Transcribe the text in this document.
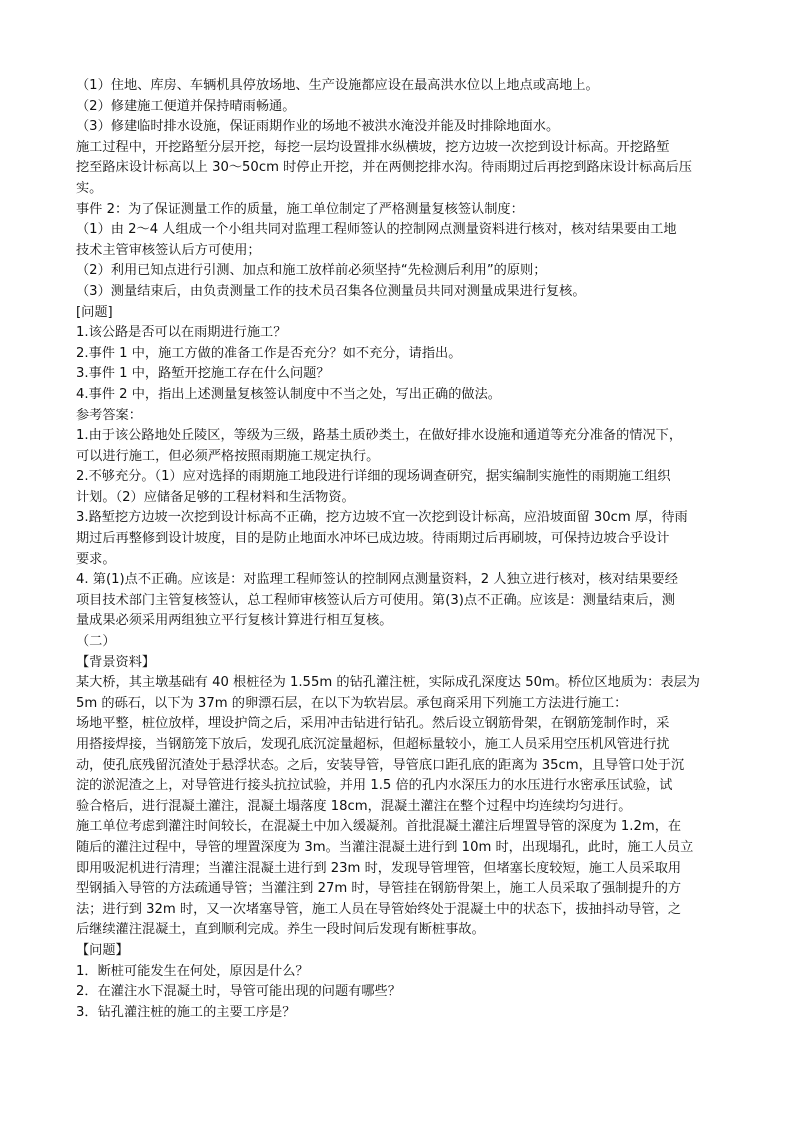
（1）住地、库房、车辆机具停放场地、生产设施都应设在最高洪水位以上地点或高地上。
（2）修建施工便道并保持晴雨畅通。
（3）修建临时排水设施，保证雨期作业的场地不被洪水淹没并能及时排除地面水。
施工过程中，开挖路堑分层开挖，每挖一层均设置排水纵横坡，挖方边坡一次挖到设计标高。开挖路堑
挖至路床设计标高以上 30～50cm 时停止开挖，并在两侧挖排水沟。待雨期过后再挖到路床设计标高后压
实。
事件 2：为了保证测量工作的质量，施工单位制定了严格测量复核签认制度：
（1）由 2～4 人组成一个小组共同对监理工程师签认的控制网点测量资料进行核对，核对结果要由工地
技术主管审核签认后方可使用；
（2）利用已知点进行引测、加点和施工放样前必须坚持“先检测后利用”的原则；
（3）测量结束后，由负责测量工作的技术员召集各位测量员共同对测量成果进行复核。
[问题]
1.该公路是否可以在雨期进行施工？
2.事件 1 中，施工方做的准备工作是否充分？如不充分，请指出。
3.事件 1 中，路堑开挖施工存在什么问题？
4.事件 2 中，指出上述测量复核签认制度中不当之处，写出正确的做法。
参考答案：
1.由于该公路地处丘陵区，等级为三级，路基土质砂类土，在做好排水设施和通道等充分准备的情况下，
可以进行施工，但必须严格按照雨期施工规定执行。
2.不够充分。（1）应对选择的雨期施工地段进行详细的现场调查研究，据实编制实施性的雨期施工组织
计划。（2）应储备足够的工程材料和生活物资。
3.路堑挖方边坡一次挖到设计标高不正确，挖方边坡不宜一次挖到设计标高，应沿坡面留 30cm 厚，待雨
期过后再整修到设计坡度，目的是防止地面水冲坏已成边坡。待雨期过后再刷坡，可保持边坡合乎设计
要求。
4. 第(1)点不正确。应该是：对监理工程师签认的控制网点测量资料，2 人独立进行核对，核对结果要经
项目技术部门主管复核签认，总工程师审核签认后方可使用。第(3)点不正确。应该是：测量结束后，测
量成果必须采用两组独立平行复核计算进行相互复核。
（二）
【背景资料】
某大桥，其主墩基础有 40 根桩径为 1.55m 的钻孔灌注桩，实际成孔深度达 50m。桥位区地质为：表层为
5m 的砾石，以下为 37m 的卵漂石层，在以下为软岩层。承包商采用下列施工方法进行施工：
场地平整，桩位放样，埋设护筒之后，采用冲击钻进行钻孔。然后设立钢筋骨架，在钢筋笼制作时，采
用搭接焊接，当钢筋笼下放后，发现孔底沉淀量超标，但超标量较小，施工人员采用空压机风管进行扰
动，使孔底残留沉渣处于悬浮状态。之后，安装导管，导管底口距孔底的距离为 35cm，且导管口处于沉
淀的淤泥渣之上，对导管进行接头抗拉试验，并用 1.5 倍的孔内水深压力的水压进行水密承压试验，试
验合格后，进行混凝土灌注，混凝土塌落度 18cm，混凝土灌注在整个过程中均连续均匀进行。
施工单位考虑到灌注时间较长，在混凝土中加入缓凝剂。首批混凝土灌注后埋置导管的深度为 1.2m，在
随后的灌注过程中，导管的埋置深度为 3m。当灌注混凝土进行到 10m 时，出现塌孔，此时，施工人员立
即用吸泥机进行清理；当灌注混凝土进行到 23m 时，发现导管埋管，但堵塞长度较短，施工人员采取用
型钢插入导管的方法疏通导管；当灌注到 27m 时，导管挂在钢筋骨架上，施工人员采取了强制提升的方
法；进行到 32m 时，又一次堵塞导管，施工人员在导管始终处于混凝土中的状态下，拔抽抖动导管，之
后继续灌注混凝土，直到顺利完成。养生一段时间后发现有断桩事故。
【问题】
1．断桩可能发生在何处，原因是什么？
2．在灌注水下混凝土时，导管可能出现的问题有哪些？
3．钻孔灌注桩的施工的主要工序是？
